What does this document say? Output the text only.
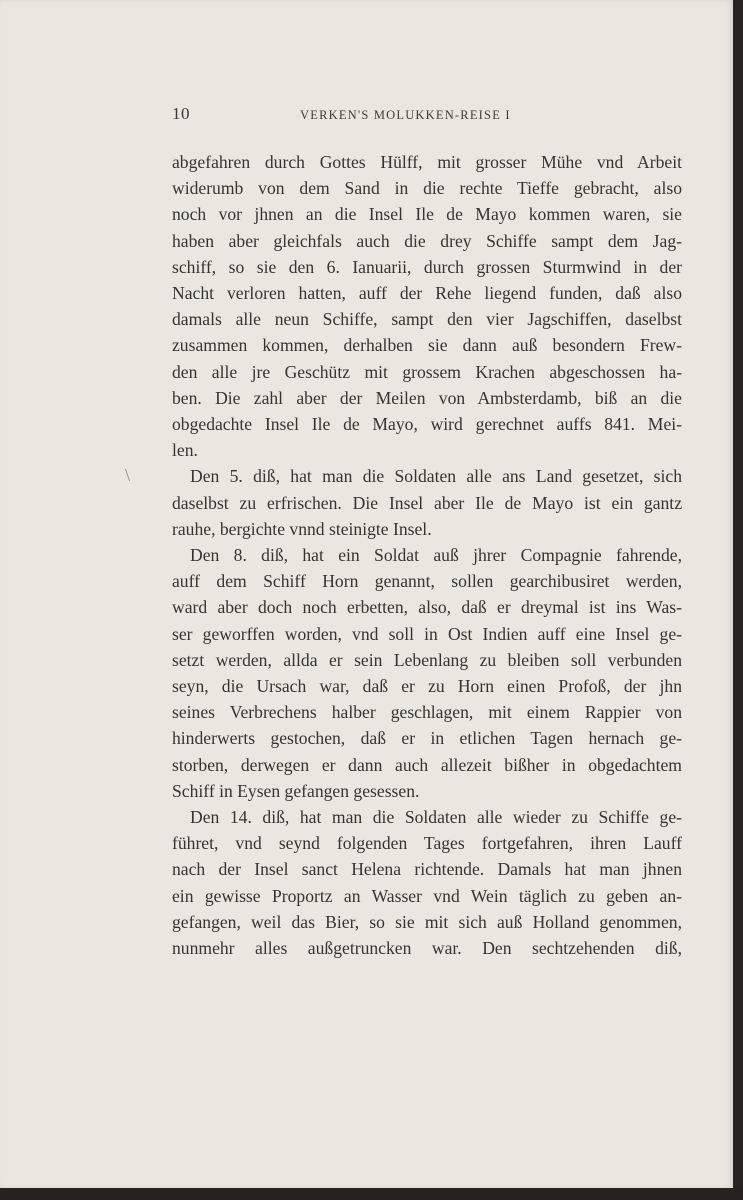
10	VERKEN'S MOLUKKEN-REISE I
\
abgefahren durch Gottes Hülff, mit grosser Mühe vnd Arbeit
widerumb von dem Sand in die rechte Tieffe gebracht, also
noch vor jhnen an die Insel Ile de Mayo kommen waren, sie
haben aber gleichfals auch die drey Schiffe sampt dem Jag-
schiff, so sie den 6. Ianuarii, durch grossen Sturmwind in der
Nacht verloren hatten, auff der Rehe liegend funden, daß also
damals alle neun Schiffe, sampt den vier Jagschiffen, daselbst
zusammen kommen, derhalben sie dann auß besondern Frew-
den alle jre Geschütz mit grossem Krachen abgeschossen ha-
ben. Die zahl aber der Meilen von Ambsterdamb, biß an die
obgedachte Insel Ile de Mayo, wird gerechnet auffs 841. Mei-
len.
Den 5. diß, hat man die Soldaten alle ans Land gesetzet, sich
daselbst zu erfrischen. Die Insel aber Ile de Mayo ist ein gantz
rauhe, bergichte vnnd steinigte Insel.
Den 8. diß, hat ein Soldat auß jhrer Compagnie fahrende,
auff dem Schiff Horn genannt, sollen gearchibusiret werden,
ward aber doch noch erbetten, also, daß er dreymal ist ins Was-
ser geworffen worden, vnd soll in Ost Indien auff eine Insel ge-
setzt werden, allda er sein Lebenlang zu bleiben soll verbunden
seyn, die Ursach war, daß er zu Horn einen Profoß, der jhn
seines Verbrechens halber geschlagen, mit einem Rappier von
hinderwerts gestochen, daß er in etlichen Tagen hernach ge-
storben, derwegen er dann auch allezeit bißher in obgedachtem
Schiff in Eysen gefangen gesessen.
Den 14. diß, hat man die Soldaten alle wieder zu Schiffe ge-
führet, vnd seynd folgenden Tages fortgefahren, ihren Lauff
nach der Insel sanct Helena richtende. Damals hat man jhnen
ein gewisse Proportz an Wasser vnd Wein täglich zu geben an-
gefangen, weil das Bier, so sie mit sich auß Holland genommen,
nunmehr alles außgetruncken war. Den sechtzehenden diß,
